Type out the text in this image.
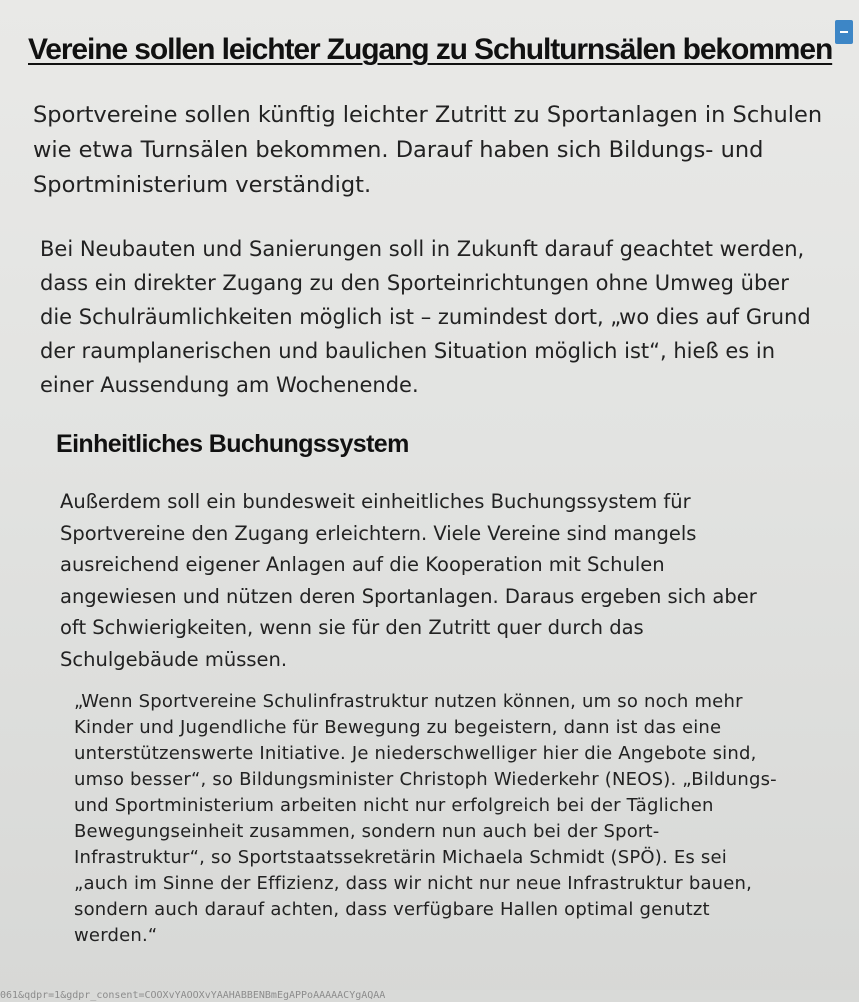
Vereine sollen leichter Zugang zu Schulturnsälen bekommen

Sportvereine sollen künftig leichter Zutritt zu Sportanlagen in Schulen wie etwa Turnsälen bekommen. Darauf haben sich Bildungs- und Sportministerium verständigt.

Bei Neubauten und Sanierungen soll in Zukunft darauf geachtet werden, dass ein direkter Zugang zu den Sporteinrichtungen ohne Umweg über die Schulräumlichkeiten möglich ist – zumindest dort, „wo dies auf Grund der raumplanerischen und baulichen Situation möglich ist“, hieß es in einer Aussendung am Wochenende.

Einheitliches Buchungssystem

Außerdem soll ein bundesweit einheitliches Buchungssystem für Sportvereine den Zugang erleichtern. Viele Vereine sind mangels ausreichend eigener Anlagen auf die Kooperation mit Schulen angewiesen und nützen deren Sportanlagen. Daraus ergeben sich aber oft Schwierigkeiten, wenn sie für den Zutritt quer durch das Schulgebäude müssen.

„Wenn Sportvereine Schulinfrastruktur nutzen können, um so noch mehr Kinder und Jugendliche für Bewegung zu begeistern, dann ist das eine unterstützenswerte Initiative. Je niederschwelliger hier die Angebote sind, umso besser“, so Bildungsminister Christoph Wiederkehr (NEOS). „Bildungs- und Sportministerium arbeiten nicht nur erfolgreich bei der Täglichen Bewegungseinheit zusammen, sondern nun auch bei der Sport-Infrastruktur“, so Sportstaatssekretärin Michaela Schmidt (SPÖ). Es sei „auch im Sinne der Effizienz, dass wir nicht nur neue Infrastruktur bauen, sondern auch darauf achten, dass verfügbare Hallen optimal genutzt werden.“

061&qdpr=1&gdpr_consent=COOXvYAOOXvYAAHABBENBmEgAPPoAAAAACYgAQAA
